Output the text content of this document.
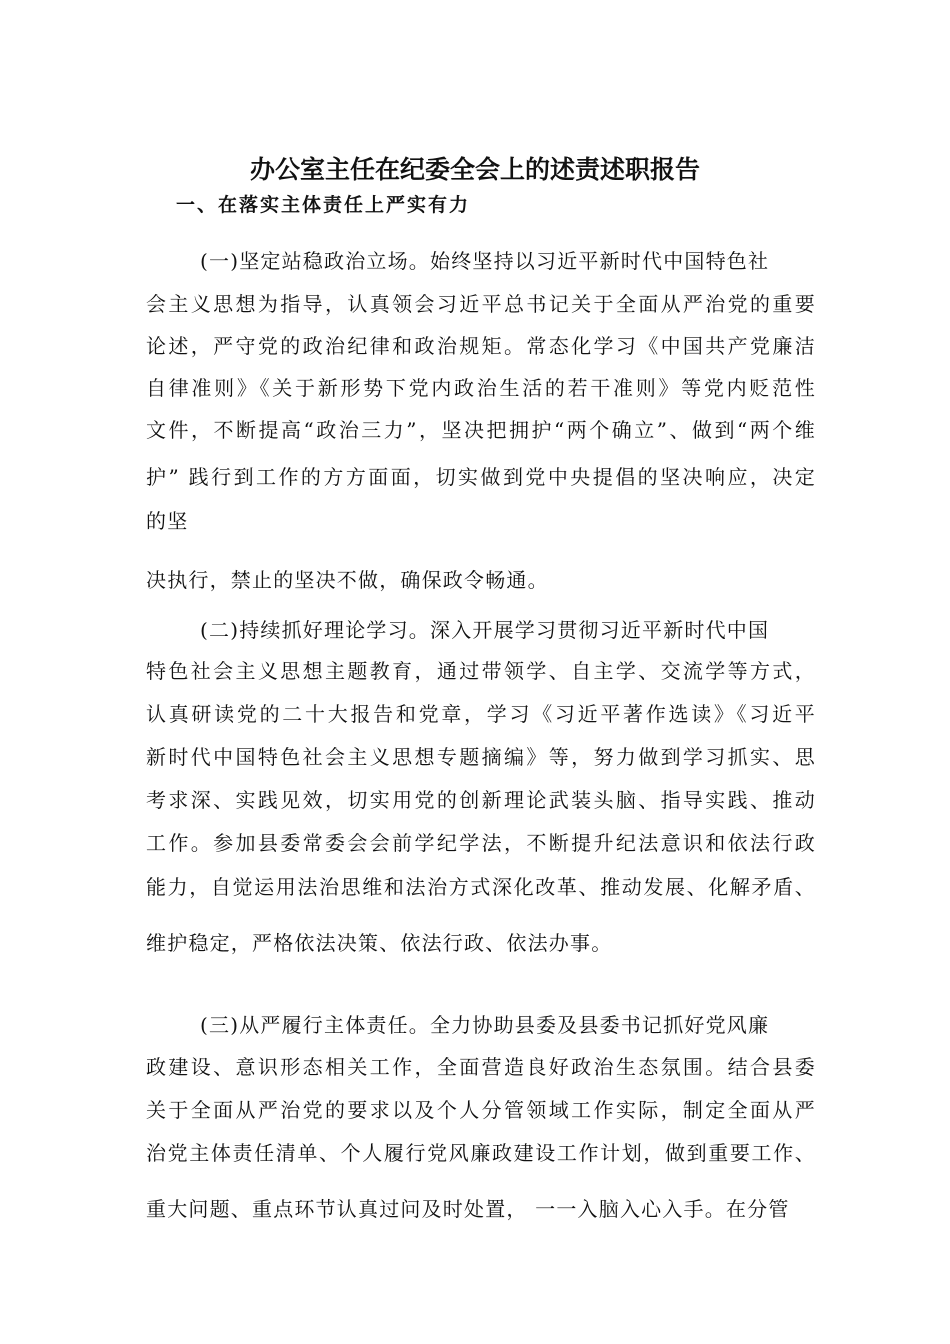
办公室主任在纪委全会上的述责述职报告
一、在落实主体责任上严实有力

(一)坚定站稳政治立场。始终坚持以习近平新时代中国特色社

会主义思想为指导，认真领会习近平总书记关于全面从严治党的重要

论述，严守党的政治纪律和政治规矩。常态化学习《中国共产党廉洁

自律准则》《关于新形势下党内政治生活的若干准则》等党内贬范性

文件，不断提高“政治三力”，坚决把拥护“两个确立”、做到“两个维

护” 践行到工作的方方面面，切实做到党中央提倡的坚决响应，决定

的坚

决执行，禁止的坚决不做，确保政令畅通。

(二)持续抓好理论学习。深入开展学习贯彻习近平新时代中国

特色社会主义思想主题教育，通过带领学、自主学、交流学等方式，

认真研读党的二十大报告和党章，学习《习近平著作选读》《习近平

新时代中国特色社会主义思想专题摘编》等，努力做到学习抓实、思

考求深、实践见效，切实用党的创新理论武装头脑、指导实践、推动

工作。参加县委常委会会前学纪学法，不断提升纪法意识和依法行政

能力，自觉运用法治思维和法治方式深化改革、推动发展、化解矛盾、

维护稳定，严格依法决策、依法行政、依法办事。

(三)从严履行主体责任。全力协助县委及县委书记抓好党风廉

政建设、意识形态相关工作，全面营造良好政治生态氛围。结合县委

关于全面从严治党的要求以及个人分管领域工作实际，制定全面从严

治党主体责任清单、个人履行党风廉政建设工作计划，做到重要工作、

重大问题、重点环节认真过问及时处置， 一一入脑入心入手。在分管
